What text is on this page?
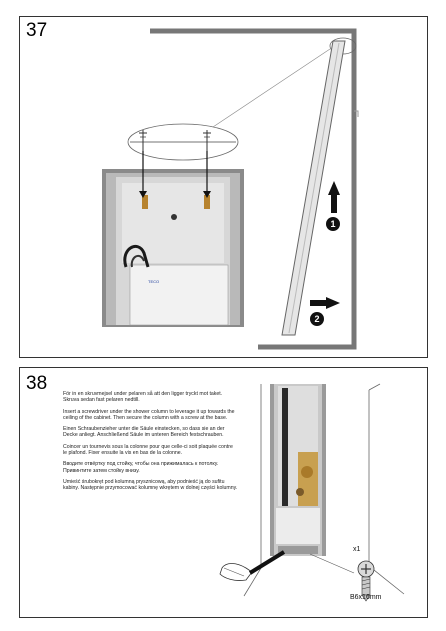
37
TECO
1
2
38	För in en skruvmejsel under pelaren så att den ligger tryckt mot taket. Skruva sedan fast pelaren nedtill.

Insert a screwdriver under the shower column to leverage it up towards the ceiling of the cabinet. Then secure the column with a screw at the base.

Einen Schraubenzieher unter die Säule einstecken, so dass sie an der Decke anliegt. Anschließend Säule im unteren Bereich festschrauben.

Coincer un tournevis sous la colonne pour que celle-ci soit plaquée contre le plafond. Fixer ensuite la vis en bas de la colonne.

Вводите отвёртку под стойку, чтобы она прижималась к потолку. Привинтите затем стойку внизу.

Umieść śrubokręt pod kolumną prysznicową, aby podnieść ją do sufitu kabiny. Następnie przymocować kolumnę wkrętem w dolnej części kolumny.

x1
B6x16mm
